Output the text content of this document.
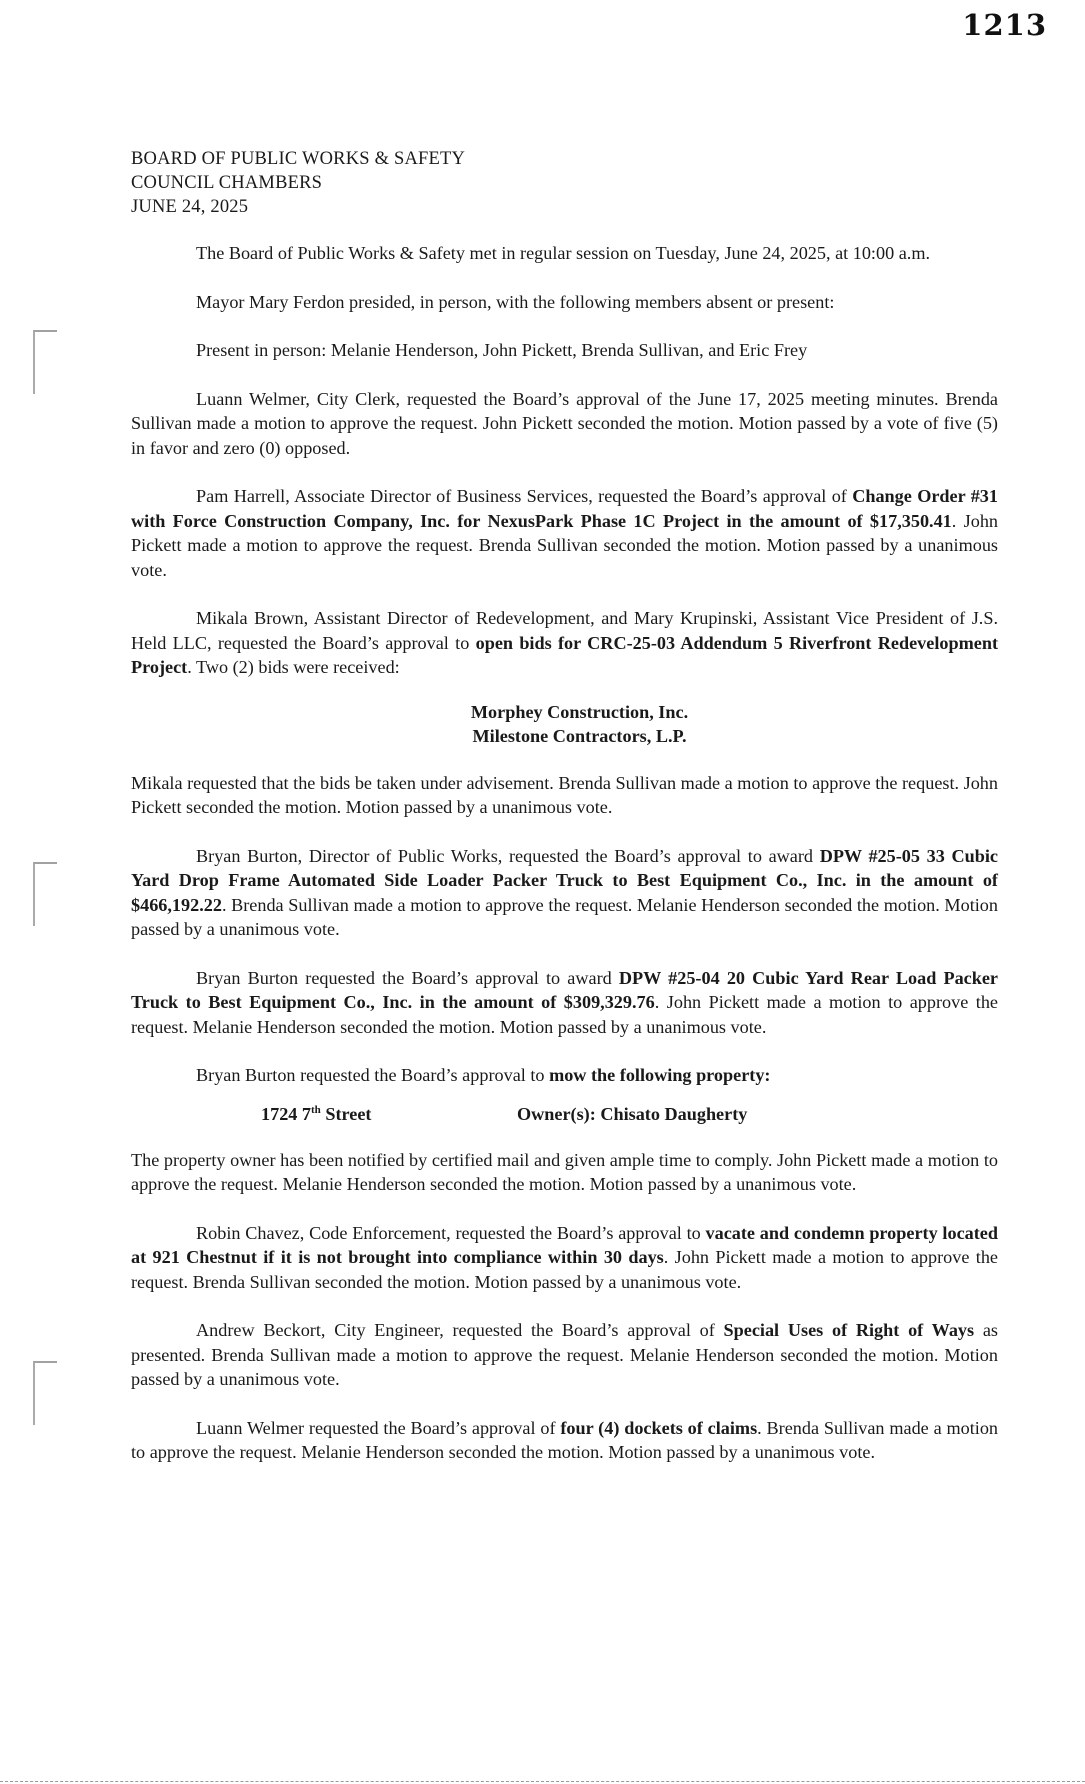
1213
BOARD OF PUBLIC WORKS & SAFETY
COUNCIL CHAMBERS
JUNE 24, 2025

The Board of Public Works & Safety met in regular session on Tuesday, June 24, 2025, at 10:00 a.m.

Mayor Mary Ferdon presided, in person, with the following members absent or present:

Present in person: Melanie Henderson, John Pickett, Brenda Sullivan, and Eric Frey

Luann Welmer, City Clerk, requested the Board’s approval of the June 17, 2025 meeting minutes. Brenda Sullivan made a motion to approve the request. John Pickett seconded the motion. Motion passed by a vote of five (5) in favor and zero (0) opposed.

Pam Harrell, Associate Director of Business Services, requested the Board’s approval of Change Order #31 with Force Construction Company, Inc. for NexusPark Phase 1C Project in the amount of $17,350.41. John Pickett made a motion to approve the request. Brenda Sullivan seconded the motion. Motion passed by a unanimous vote.

Mikala Brown, Assistant Director of Redevelopment, and Mary Krupinski, Assistant Vice President of J.S. Held LLC, requested the Board’s approval to open bids for CRC-25-03 Addendum 5 Riverfront Redevelopment Project. Two (2) bids were received:

Morphey Construction, Inc.
Milestone Contractors, L.P.

Mikala requested that the bids be taken under advisement. Brenda Sullivan made a motion to approve the request. John Pickett seconded the motion. Motion passed by a unanimous vote.

Bryan Burton, Director of Public Works, requested the Board’s approval to award DPW #25-05 33 Cubic Yard Drop Frame Automated Side Loader Packer Truck to Best Equipment Co., Inc. in the amount of $466,192.22. Brenda Sullivan made a motion to approve the request. Melanie Henderson seconded the motion. Motion passed by a unanimous vote.

Bryan Burton requested the Board’s approval to award DPW #25-04 20 Cubic Yard Rear Load Packer Truck to Best Equipment Co., Inc. in the amount of $309,329.76. John Pickett made a motion to approve the request. Melanie Henderson seconded the motion. Motion passed by a unanimous vote.

Bryan Burton requested the Board’s approval to mow the following property:

1724 7th Street	Owner(s): Chisato Daugherty

The property owner has been notified by certified mail and given ample time to comply. John Pickett made a motion to approve the request. Melanie Henderson seconded the motion. Motion passed by a unanimous vote.

Robin Chavez, Code Enforcement, requested the Board’s approval to vacate and condemn property located at 921 Chestnut if it is not brought into compliance within 30 days. John Pickett made a motion to approve the request. Brenda Sullivan seconded the motion. Motion passed by a unanimous vote.

Andrew Beckort, City Engineer, requested the Board’s approval of Special Uses of Right of Ways as presented. Brenda Sullivan made a motion to approve the request. Melanie Henderson seconded the motion. Motion passed by a unanimous vote.

Luann Welmer requested the Board’s approval of four (4) dockets of claims. Brenda Sullivan made a motion to approve the request. Melanie Henderson seconded the motion. Motion passed by a unanimous vote.
